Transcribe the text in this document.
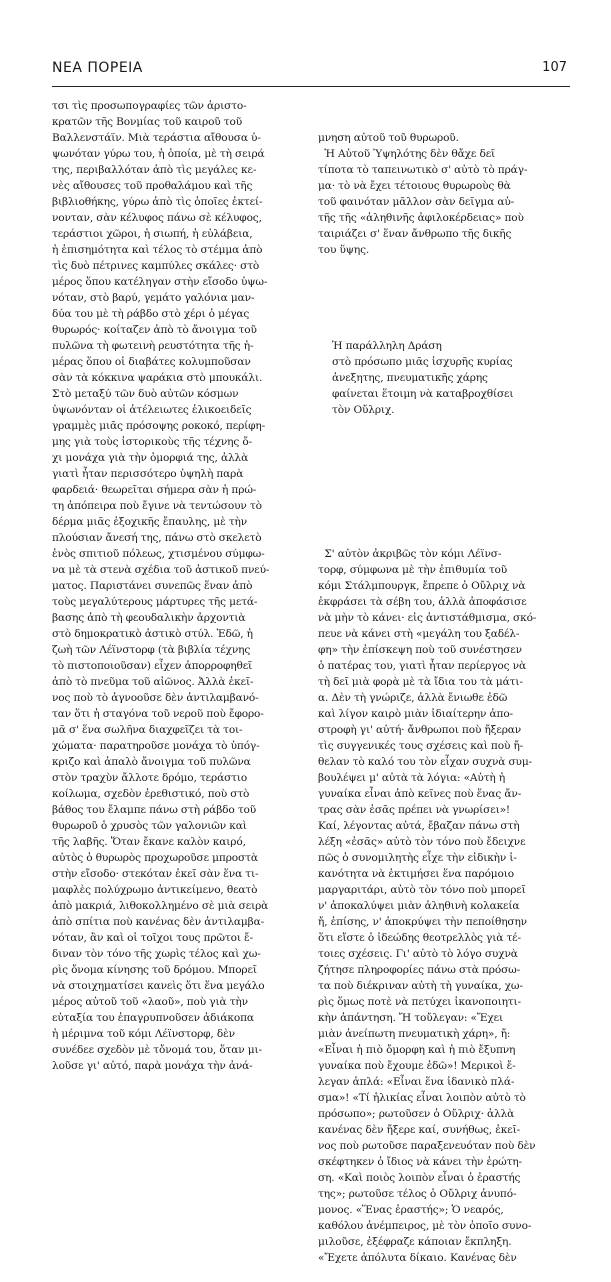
ΝΕΑ ΠΟΡΕΙΑ	107
τσι τὶς προσωπογραφίες τῶν ἀριστο-
κρατῶν τῆς Βονμίας τοῦ καιροῦ τοῦ
Βαλλενστάϊν. Μιὰ τεράστια αἴθουσα ὑ-
ψωνόταν γύρω του, ἡ ὁποία, μὲ τὴ σειρά
της, περιβαλλόταν ἀπὸ τὶς μεγάλες κε-
νὲς αἴθουσες τοῦ προθαλάμου καὶ τῆς
βιβλιοθήκης, γύρω ἀπὸ τὶς ὁποῖες ἐκτεί-
νονταν, σὰν κέλυφος πάνω σὲ κέλυφος,
τεράστιοι χῶροι, ἡ σιωπή, ἡ εὐλάβεια,
ἡ ἐπισημότητα καὶ τέλος τὸ στέμμα ἀπὸ
τὶς δυὸ πέτρινες καμπύλες σκάλες· στὸ
μέρος ὅπου κατέληγαν στὴν εἴσοδο ὑψω-
νόταν, στὸ βαρύ, γεμάτο γαλόνια μαν-
δύα του μὲ τὴ ράβδο στὸ χέρι ὁ μέγας
θυρωρός· κοίταζεν ἀπὸ τὸ ἄνοιγμα τοῦ
πυλῶνα τὴ φωτεινὴ ρευστότητα τῆς ἡ-
μέρας ὅπου οἱ διαβάτες κολυμποῦσαν
σὰν τὰ κόκκινα ψαράκια στὸ μπουκάλι.
Στὸ μεταξύ τῶν δυὸ αὐτῶν κόσμων
ὑψωνόνταν οἱ ἀτέλειωτες ἑλικοειδεῖς
γραμμὲς μιᾶς πρόσοψης ροκοκό, περίφη-
μης γιὰ τοὺς ἱστορικοὺς τῆς τέχνης ὄ-
χι μονάχα γιὰ τὴν ὁμορφιά της, ἀλλὰ
γιατὶ ἦταν περισσότερο ὑψηλὴ παρὰ
φαρδειά· θεωρεῖται σήμερα σὰν ἡ πρώ-
τη ἀπόπειρα ποὺ ἔγινε νὰ τεντώσουν τὸ
δέρμα μιᾶς ἐξοχικῆς ἔπαυλης, μὲ τὴν
πλούσιαν ἄνεσή της, πάνω στὸ σκελετὸ
ἑνὸς σπιτιοῦ πόλεως, χτισμένου σύμφω-
να μὲ τὰ στενὰ σχέδια τοῦ ἀστικοῦ πνεύ-
ματος. Παριστάνει συνεπῶς ἕναν ἀπὸ
τοὺς μεγαλύτερους μάρτυρες τῆς μετά-
βασης ἀπὸ τὴ φεουδαλικὴν ἀρχοντιὰ
στὸ δημοκρατικὸ ἀστικὸ στύλ. Ἐδῶ, ἡ
ζωὴ τῶν Λέϊνστορφ (τὰ βιβλία τέχνης
τὸ πιστοποιοῦσαν) εἶχεν ἀπορροφηθεῖ
ἀπὸ τὸ πνεῦμα τοῦ αἰῶνος. Ἀλλὰ ἐκεῖ-
νος ποὺ τὸ ἀγνοοῦσε δὲν ἀντιλαμβανό-
ταν ὅτι ἡ σταγόνα τοῦ νεροῦ ποὺ ἔφορο-
μᾶ σ' ἕνα σωλῆνα διαχφεῖζει τὰ τοι-
χώματα· παρατηροῦσε μονάχα τὸ ὑπόγ-
κριζο καὶ ἀπαλὸ ἄνοιγμα τοῦ πυλῶνα
στὸν τραχὺν ἄλλοτε δρόμο, τεράστιο
κοίλωμα, σχεδὸν ἐρεθιστικό, ποὺ στὸ
βάθος του ἔλαμπε πάνω στὴ ράβδο τοῦ
θυρωροῦ ὁ χρυσὸς τῶν γαλονιῶν καὶ
τῆς λαβῆς. Ὅταν ἔκανε καλὸν καιρό,
αὐτὸς ὁ θυρωρὸς προχωροῦσε μπροστὰ
στὴν εἴσοδο· στεκόταν ἐκεῖ σὰν ἕνα τι-
μαφλὲς πολύχρωμο ἀντικείμενο, θεατὸ
ἀπὸ μακριά, λιθοκολλημένο σὲ μιὰ σειρὰ
ἀπὸ σπίτια ποὺ κανένας δὲν ἀντιλαμβα-
νόταν, ἂν καὶ οἱ τοῖχοι τους πρῶτοι ἔ-
διναν τὸν τόνο τῆς χωρὶς τέλος καὶ χω-
ρὶς ὄνομα κίνησης τοῦ δρόμου. Μπορεῖ
νὰ στοιχηματίσει κανεὶς ὅτι ἕνα μεγάλο
μέρος αὐτοῦ τοῦ «λαοῦ», ποὺ γιὰ τὴν
εὐταξία του ἐπαγρυπνοῦσεν ἀδιάκοπα
ἡ μέριμνα τοῦ κόμι Λέϊνστορφ, δὲν
συνέδεε σχεδὸν μὲ τὄνομά του, ὅταν μι-
λοῦσε γι' αὐτό, παρὰ μονάχα τὴν ἀνά-

μνηση αὐτοῦ τοῦ θυρωροῦ.
Ἡ Αὐτοῦ Ὑψηλότης δὲν θἄχε δεῖ
τίποτα τὸ ταπεινωτικὸ σ' αὐτὸ τὸ πράγ-
μα· τὸ νὰ ἔχει τέτοιους θυρωροὺς θὰ
τοῦ φαινόταν μᾶλλον σὰν δεῖγμα αὐ-
τῆς τῆς «ἀληθινῆς ἀφιλοκέρδειας» ποὺ
ταιριάζει σ' ἕναν ἄνθρωπο τῆς δικῆς
του ὕψης.

Ἡ παράλληλη Δράση
στὸ πρόσωπο μιᾶς ἰσχυρῆς κυρίας
ἀνεξητης, πνευματικῆς χάρης
φαίνεται ἕτοιμη νὰ καταβροχθίσει
τὸν Οὔλριχ.

Σ' αὐτὸν ἀκριβῶς τὸν κόμι Λέϊνσ-
τορφ, σύμφωνα μὲ τὴν ἐπιθυμία τοῦ
κόμι Στάλμπουργκ, ἔπρεπε ὁ Οὔλριχ νὰ
ἐκφράσει τὰ σέβη του, ἀλλὰ ἀποφάσισε
νὰ μὴν τὸ κάνει· εἰς ἀντιστάθμισμα, σκό-
πευε νὰ κάνει στὴ «μεγάλη του ξαδέλ-
φη» τὴν ἐπίσκεψη ποὺ τοῦ συνέστησεν
ὁ πατέρας του, γιατὶ ἦταν περίεργος νὰ
τὴ δεῖ μιὰ φορὰ μὲ τὰ ἴδια του τὰ μάτι-
α. Δὲν τὴ γνώριζε, ἀλλὰ ἔνιωθε ἐδῶ
καὶ λίγον καιρὸ μιὰν ἰδιαίτερην ἀπο-
στροφὴ γι' αὐτή· ἄνθρωποι ποὺ ἤξεραν
τὶς συγγενικές τους σχέσεις καὶ ποὺ ἤ-
θελαν τὸ καλό του τὸν εἶχαν συχνὰ συμ-
βουλέψει μ' αὐτὰ τὰ λόγια: «Αὐτὴ ἡ
γυναίκα εἶναι ἀπὸ κεῖνες ποὺ ἕνας ἄν-
τρας σὰν ἐσᾶς πρέπει νὰ γνωρίσει»!
Καί, λέγοντας αὐτά, ἔβαζαν πάνω στὴ
λέξη «ἐσᾶς» αὐτὸ τὸν τόνο ποὺ ἔδειχνε
πῶς ὁ συνομιλητὴς εἶχε τὴν εἰδικὴν ἱ-
κανότητα νὰ ἐκτιμήσει ἕνα παρόμοιο
μαργαριτάρι, αὐτὸ τὸν τόνο ποὺ μπορεῖ
ν' ἀποκαλύψει μιὰν ἀληθινὴ κολακεία
ἤ, ἐπίσης, ν' ἀποκρύψει τὴν πεποίθησην
ὅτι εἴστε ὁ ἰδεώδης θεοτρελλὸς γιὰ τέ-
τοιες σχέσεις. Γι' αὐτὸ τὸ λόγο συχνὰ
ζήτησε πληροφορίες πάνω στὰ πρόσω-
τα ποὺ διέκριναν αὐτὴ τὴ γυναίκα, χω-
ρὶς ὅμως ποτὲ νὰ πετύχει ἱκανοποιητι-
κὴν ἀπάντηση. Ἤ τοὔλεγαν: «Ἔχει
μιὰν ἀνείπωτη πνευματικὴ χάρη», ἤ:
«Εἶναι ἡ πιὸ ὄμορφη καὶ ἡ πιὸ ἔξυπνη
γυναίκα ποὺ ἔχουμε ἐδῶ»! Μερικοὶ ἔ-
λεγαν ἁπλά: «Εἶναι ἕνα ἰδανικὸ πλά-
σμα»! «Τί ἡλικίας εἶναι λοιπὸν αὐτὸ τὸ
πρόσωπο»; ρωτοῦσεν ὁ Οὔλριχ· ἀλλὰ
κανένας δὲν ἤξερε καί, συνήθως, ἐκεῖ-
νος ποὺ ρωτοῦσε παραξενευόταν ποὺ δὲν
σκέφτηκεν ὁ ἴδιος νὰ κάνει τὴν ἐρώτη-
ση. «Καὶ ποιὸς λοιπὸν εἶναι ὁ ἐραστής
της»; ρωτοῦσε τέλος ὁ Οὔλριχ ἀνυπό-
μονος. «Ἕνας ἐραστής»; Ὁ νεαρός,
καθόλου ἀνέμπειρος, μὲ τὸν ὁποῖο συνο-
μιλοῦσε, ἐξέφραζε κάποιαν ἔκπληξη.
«Ἔχετε ἀπόλυτα δίκαιο. Κανένας δὲν
